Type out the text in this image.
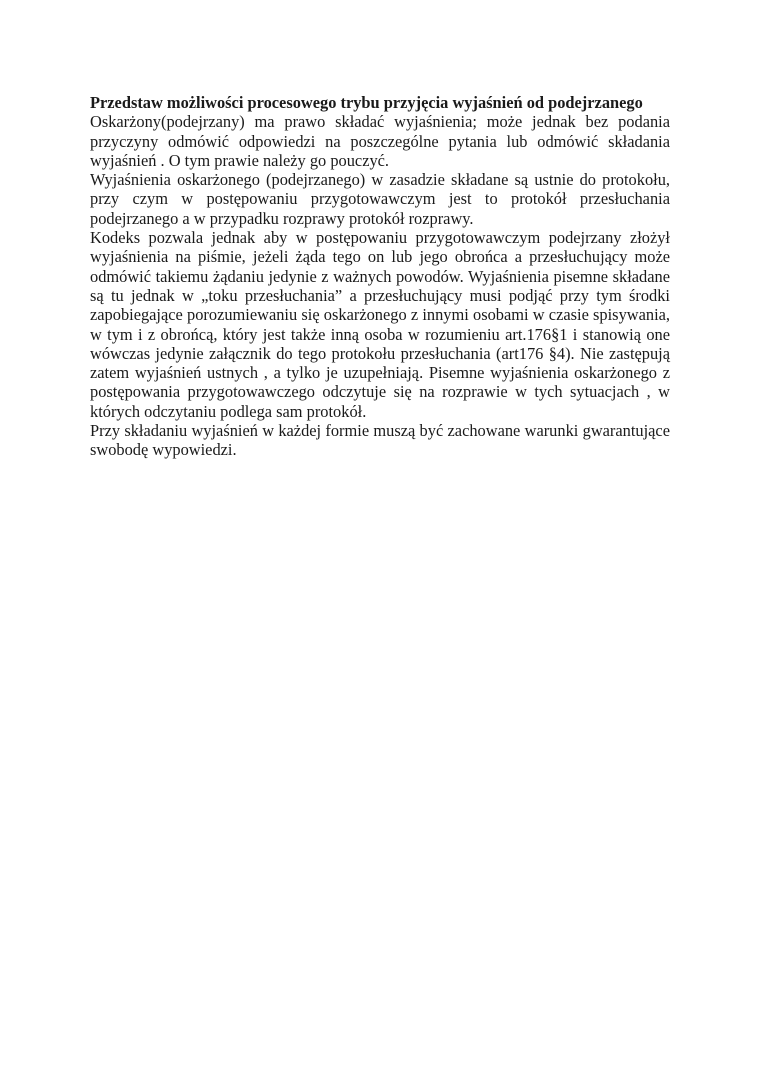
Przedstaw możliwości procesowego trybu przyjęcia wyjaśnień od podejrzanego

Oskarżony(podejrzany) ma prawo składać wyjaśnienia; może jednak bez podania przyczyny odmówić odpowiedzi na poszczególne pytania lub odmówić składania wyjaśnień . O tym prawie należy go pouczyć.

Wyjaśnienia oskarżonego (podejrzanego) w zasadzie składane są ustnie do protokołu, przy czym w postępowaniu przygotowawczym jest to protokół przesłuchania podejrzanego a w przypadku rozprawy protokół rozprawy.

Kodeks pozwala jednak aby w postępowaniu przygotowawczym podejrzany złożył wyjaśnienia na piśmie, jeżeli żąda tego on lub jego obrońca a przesłuchujący może odmówić takiemu żądaniu jedynie z ważnych powodów. Wyjaśnienia pisemne składane są tu jednak w „toku przesłuchania” a przesłuchujący musi podjąć przy tym środki zapobiegające porozumiewaniu się oskarżonego z innymi osobami w czasie spisywania, w tym i z obrońcą, który jest także inną osoba w rozumieniu art.176§1 i stanowią one wówczas jedynie załącznik do tego protokołu przesłuchania (art176 §4). Nie zastępują zatem wyjaśnień ustnych , a tylko je uzupełniają. Pisemne wyjaśnienia oskarżonego z postępowania przygotowawczego odczytuje się na rozprawie w tych sytuacjach , w których odczytaniu podlega sam protokół.

Przy składaniu wyjaśnień w każdej formie muszą być zachowane warunki gwarantujące swobodę wypowiedzi.
